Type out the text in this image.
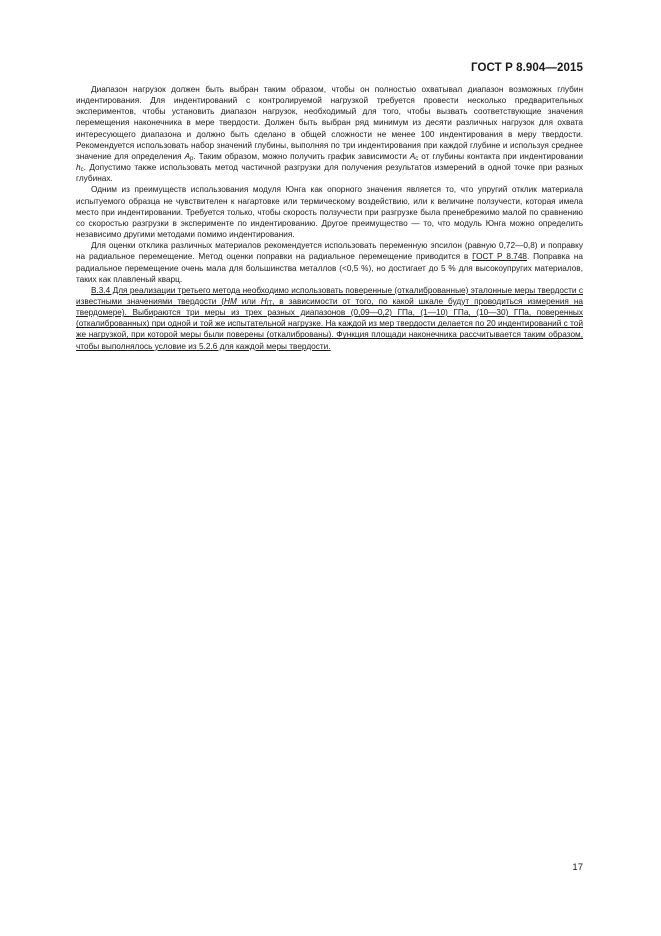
ГОСТ Р 8.904—2015

Диапазон нагрузок должен быть выбран таким образом, чтобы он полностью охватывал диапазон возможных глубин индентирования. Для индентирований с контролируемой нагрузкой требуется провести несколько предварительных экспериментов, чтобы установить диапазон нагрузок, необходимый для того, чтобы вызвать соответствующие значения перемещения наконечника в мере твердости. Должен быть выбран ряд минимум из десяти различных нагрузок для охвата интересующего диапазона и должно быть сделано в общей сложности не менее 100 индентирования в меру твердости. Рекомендуется использовать набор значений глубины, выполняя по три индентирования при каждой глубине и используя среднее значение для определения $A_p$. Таким образом, можно получить график зависимости $A_c$ от глубины контакта при индентировании $h_c$. Допустимо также использовать метод частичной разгрузки для получения результатов измерений в одной точке при разных глубинах.

Одним из преимуществ использования модуля Юнга как опорного значения является то, что упругий отклик материала испытуемого образца не чувствителен к нагартовке или термическому воздействию, или к величине ползучести, которая имела место при индентировании. Требуется только, чтобы скорость ползучести при разгрузке была пренебрежимо малой по сравнению со скоростью разгрузки в эксперименте по индентированию. Другое преимущество — то, что модуль Юнга можно определить независимо другими методами помимо индентирования.

Для оценки отклика различных материалов рекомендуется использовать переменную эпсилон (равную 0,72—0,8) и поправку на радиальное перемещение. Метод оценки поправки на радиальное перемещение приводится в ГОСТ Р 8.748. Поправка на радиальное перемещение очень мала для большинства металлов (<0,5 %), но достигает до 5 % для высокоупругих материалов, таких как плавленый кварц.

В.3.4 Для реализации третьего метода необходимо использовать поверенные (откалиброванные) эталонные меры твердости с известными значениями твердости (HM или $H_{IT}$, в зависимости от того, по какой шкале будут проводиться измерения на твердомере). Выбираются три меры из трех разных диапазонов (0,09—0,2) ГПа, (1—10) ГПа, (10—30) ГПа, поверенных (откалиброванных) при одной и той же испытательной нагрузке. На каждой из мер твердости делается по 20 индентирований с той же нагрузкой, при которой меры были поверены (откалиброваны). Функция площади наконечника рассчитывается таким образом, чтобы выполнялось условие из 5.2.6 для каждой меры твердости.

17
